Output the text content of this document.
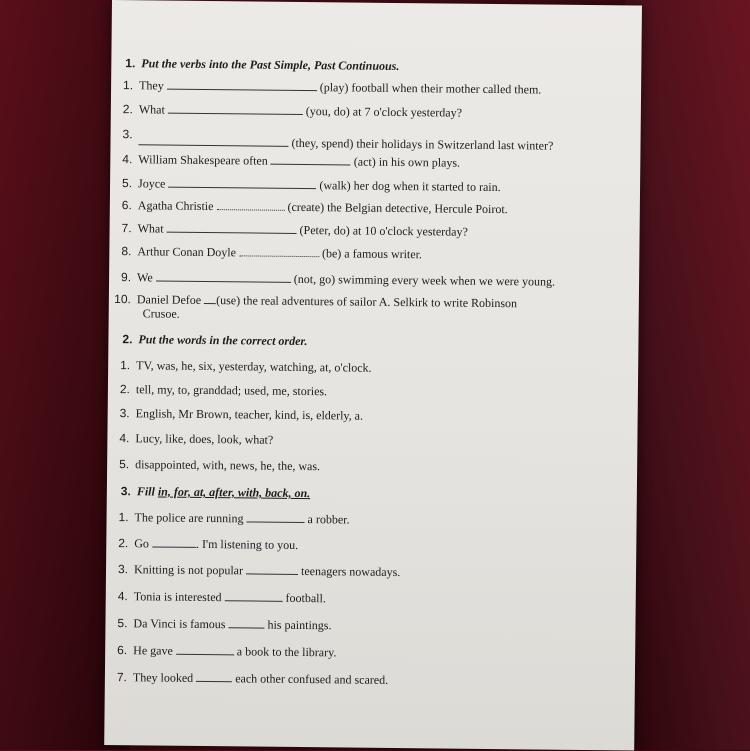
1. Put the verbs into the Past Simple, Past Continuous.
1. They	(play) football when their mother called them.
2. What	(you, do) at 7 o'clock yesterday?
3.
(they, spend) their holidays in Switzerland last winter?
4. William Shakespeare often	(act) in his own plays.
5. Joyce	(walk) her dog when it started to rain.
6. Agatha Christie	(create) the Belgian detective, Hercule Poirot.
7. What	(Peter, do) at 10 o'clock yesterday?
8. Arthur Conan Doyle	(be) a famous writer.
9. We	(not, go) swimming every week when we were young.
10. Daniel Defoe (use) the real adventures of sailor A. Selkirk to write Robinson
Crusoe.
2. Put the words in the correct order.
1. TV, was, he, six, yesterday, watching, at, o'clock.
2. tell, my, to, granddad; used, me, stories.
3. English, Mr Brown, teacher, kind, is, elderly, a.
4. Lucy, like, does, look, what?
5. disappointed, with, news, he, the, was.
3. Fill in, for, at, after, with, back, on.
1. The police are running	a robber.
2. Go	. I'm listening to you.
3. Knitting is not popular	teenagers nowadays.
4. Tonia is interested	football.
5. Da Vinci is famous	his paintings.
6. He gave	a book to the library.
7. They looked	each other confused and scared.
